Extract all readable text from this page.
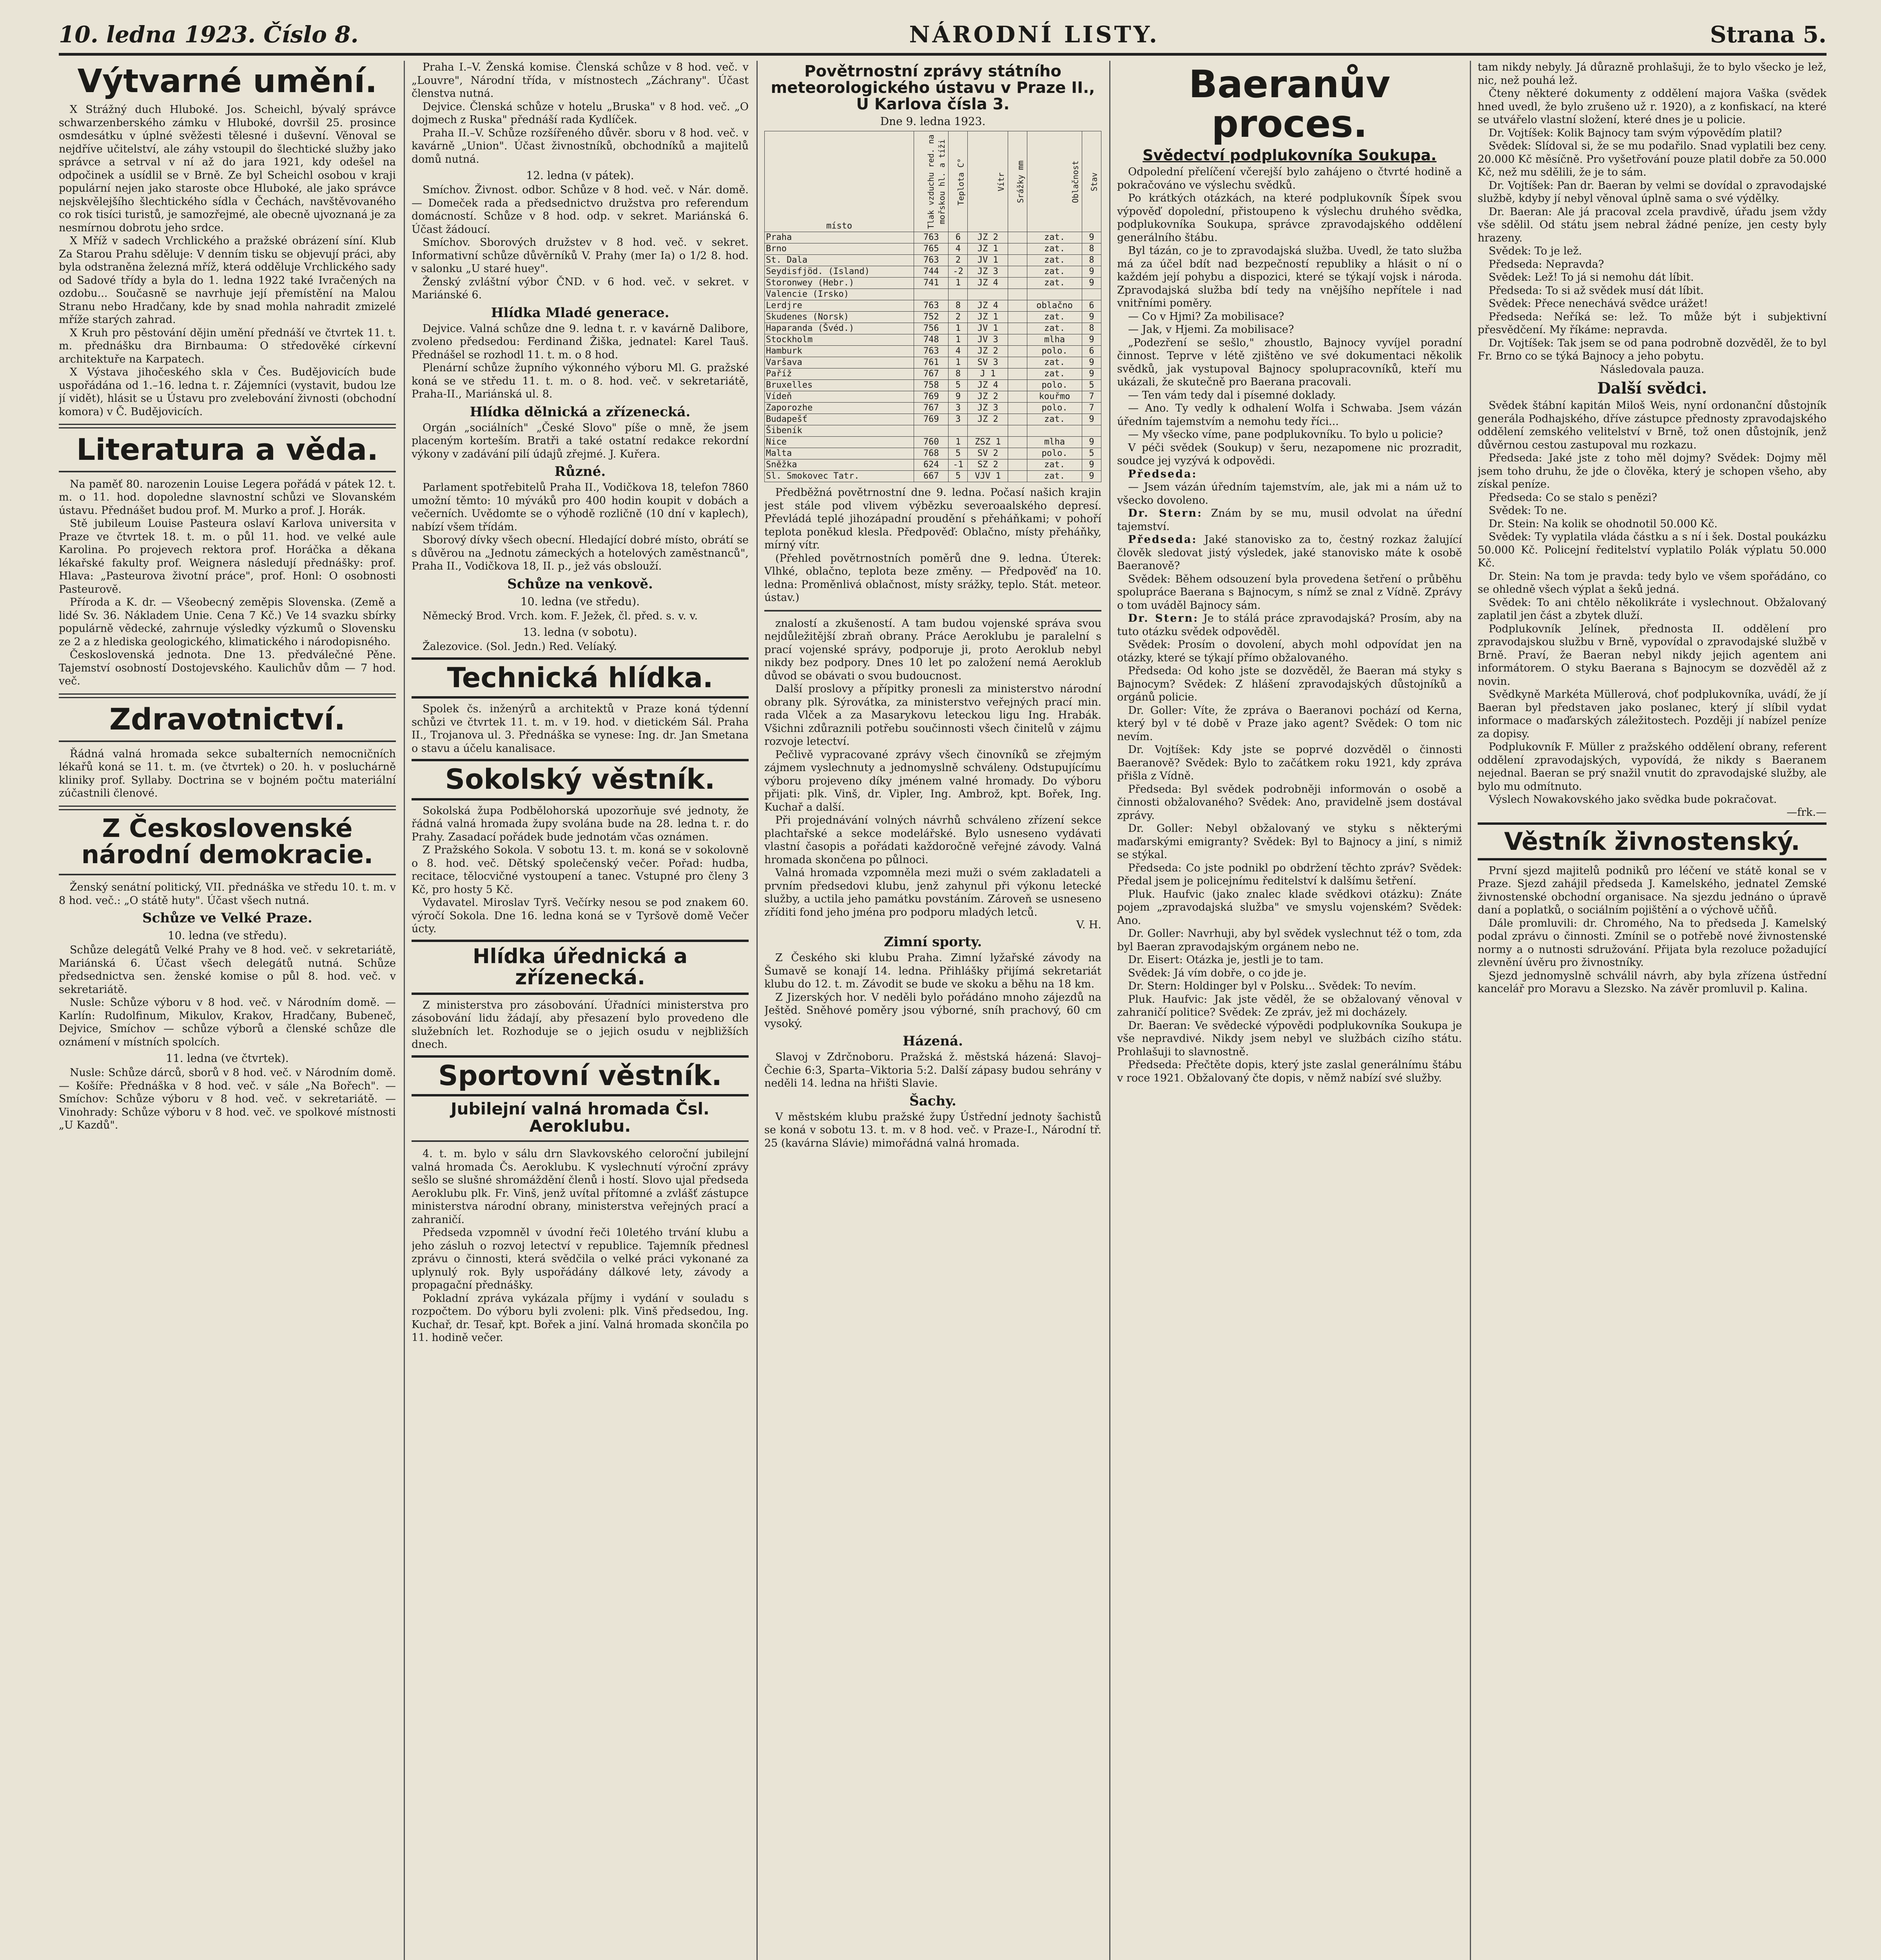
10. ledna 1923. Číslo 8.	NÁRODNÍ LISTY.	Strana 5.
Výtvarné umění.

X Strážný duch Hluboké. Jos. Scheichl, bývalý správce schwarzenberského zámku v Hluboké, dovršil 25. prosince osmdesátku v úplné svěžesti tělesné i duševní. Věnoval se nejdříve učitelství, ale záhy vstoupil do šlechtické služby jako správce a setrval v ní až do jara 1921, kdy odešel na odpočinek a usídlil se v Brně. Ze byl Scheichl osobou v kraji populární nejen jako staroste obce Hluboké, ale jako správce nejskvělejšího šlechtického sídla v Čechách, navštěvovaného co rok tisíci turistů, je samozřejmé, ale obecně ujvoznaná je za nesmírnou dobrotu jeho srdce.

X Mříž v sadech Vrchlického a pražské obrázení síní. Klub Za Starou Prahu sděluje: V denním tisku se objevují práci, aby byla odstraněna železná mříž, která odděluje Vrchlického sady od Sadové třídy a byla do 1. ledna 1922 také Ivračených na ozdobu... Současně se navrhuje její přemístění na Malou Stranu nebo Hradčany, kde by snad mohla nahradit zmizelé mříže starých zahrad.

X Kruh pro pěstování dějin umění přednáší ve čtvrtek 11. t. m. přednášku dra Birnbauma: O středověké církevní architektuře na Karpatech.

X Výstava jihočeského skla v Čes. Budějovicích bude uspořádána od 1.–16. ledna t. r. Zájemníci (vystavit, budou lze jí vidět), hlásit se u Ústavu pro zvelebování živnosti (obchodní komora) v Č. Budějovicích.

Literatura a věda.

Na paměť 80. narozenin Louise Legera pořádá v pátek 12. t. m. o 11. hod. dopoledne slavnostní schůzi ve Slovanském ústavu. Přednášet budou prof. M. Murko a prof. J. Horák.

Stě jubileum Louise Pasteura oslaví Karlova universita v Praze ve čtvrtek 18. t. m. o půl 11. hod. ve velké aule Karolina. Po projevech rektora prof. Horáčka a děkana lékařské fakulty prof. Weignera následují přednášky: prof. Hlava: „Pasteurova životní práce", prof. Honl: O osobnosti Pasteurově.

Příroda a K. dr. — Všeobecný zeměpis Slovenska. (Země a lidé Sv. 36. Nákladem Unie. Cena 7 Kč.) Ve 14 svazku sbírky populárně vědecké, zahrnuje výsledky výzkumů o Slovensku ze 2 a z hlediska geologického, klimatického i národopisného.

Československá jednota. Dne 13. předválečné Pěne. Tajemství osobností Dostojevského. Kaulichův dům — 7 hod. več.

Zdravotnictví.

Řádná valná hromada sekce subalterních nemocničních lékařů koná se 11. t. m. (ve čtvrtek) o 20. h. v posluchárně kliniky prof. Syllaby. Doctrina se v bojném počtu materiální zúčastnili členové.

Z Československé národní demokracie.

Ženský senátní politický, VII. přednáška ve středu 10. t. m. v 8 hod. več.: „O státě huty". Účast všech nutná.

Schůze ve Velké Praze.
10. ledna (ve středu).

Schůze delegátů Velké Prahy ve 8 hod. več. v sekretariátě, Mariánská 6. Účast všech delegátů nutná. Schůze předsednictva sen. ženské komise o půl 8. hod. več. v sekretariátě.

Nusle: Schůze výboru v 8 hod. več. v Národním domě. — Karlín: Rudolfinum, Mikulov, Krakov, Hradčany, Bubeneč, Dejvice, Smíchov — schůze výborů a členské schůze dle oznámení v místních spolcích.

11. ledna (ve čtvrtek).

Nusle: Schůze dárců, sborů v 8 hod. več. v Národním domě. — Košíře: Přednáška v 8 hod. več. v sále „Na Bořech". — Smíchov: Schůze výboru v 8 hod. več. v sekretariátě. — Vinohrady: Schůze výboru v 8 hod. več. ve spolkové místnosti „U Kazdů".

Praha I.–V. Ženská komise. Členská schůze v 8 hod. več. v „Louvre", Národní třída, v místnostech „Záchrany". Účast členstva nutná.

Dejvice. Členská schůze v hotelu „Bruska" v 8 hod. več. „O dojmech z Ruska" přednáší rada Kydlíček.

Praha II.–V. Schůze rozšířeného důvěr. sboru v 8 hod. več. v kavárně „Union". Účast živnostníků, obchodníků a majitelů domů nutná.

12. ledna (v pátek).

Smíchov. Živnost. odbor. Schůze v 8 hod. več. v Nár. domě. — Domeček rada a předsednictvo družstva pro referendum domácností. Schůze v 8 hod. odp. v sekret. Mariánská 6. Účast žádoucí.

Smíchov. Sborových družstev v 8 hod. več. v sekret. Informativní schůze důvěrníků V. Prahy (mer Ia) o 1/2 8. hod. v salonku „U staré huey".

Ženský zvláštní výbor ČND. v 6 hod. več. v sekret. v Mariánské 6.

Hlídka Mladé generace.

Dejvice. Valná schůze dne 9. ledna t. r. v kavárně Dalibore, zvoleno předsedou: Ferdinand Žiška, jednatel: Karel Tauš. Přednášel se rozhodl 11. t. m. o 8 hod.

Plenární schůze župního výkonného výboru Ml. G. pražské koná se ve středu 11. t. m. o 8. hod. več. v sekretariátě, Praha-II., Mariánská ul. 8.

Hlídka dělnická a zřízenecká.

Orgán „sociálních" „České Slovo" píše o mně, že jsem placeným korteším. Bratři a také ostatní redakce rekordní výkony v zadávání pilí údajů zřejmé. J. Kuřera.

Různé.

Parlament spotřebitelů Praha II., Vodičkova 18, telefon 7860 umožní těmto: 10 mýváků pro 400 hodin koupit v dobách a večerních. Uvědomte se o výhodě rozličně (10 dní v kaplech), nabízí všem třídám.

Sborový dívky všech obecní. Hledající dobré místo, obrátí se s důvěrou na „Jednotu zámeckých a hotelových zaměstnanců", Praha II., Vodičkova 18, II. p., jež vás obslouží.

Schůze na venkově.
10. ledna (ve středu).

Německý Brod. Vrch. kom. F. Ježek, čl. před. s. v. v.

13. ledna (v sobotu).

Žalezovice. (Sol. Jedn.) Red. Velíaký.

Technická hlídka.

Spolek čs. inženýrů a architektů v Praze koná týdenní schůzi ve čtvrtek 11. t. m. v 19. hod. v dietickém Sál. Praha II., Trojanova ul. 3. Přednáška se vynese: Ing. dr. Jan Smetana o stavu a účelu kanalisace.

Sokolský věstník.

Sokolská župa Podbělohorská upozorňuje své jednoty, že řádná valná hromada župy svolána bude na 28. ledna t. r. do Prahy. Zasadací pořádek bude jednotám včas oznámen.

Z Pražského Sokola. V sobotu 13. t. m. koná se v sokolovně o 8. hod. več. Dětský společenský večer. Pořad: hudba, recitace, tělocvičné vystoupení a tanec. Vstupné pro členy 3 Kč, pro hosty 5 Kč.

Vydavatel. Miroslav Tyrš. Večírky nesou se pod znakem 60. výročí Sokola. Dne 16. ledna koná se v Tyršově domě Večer úcty.

Hlídka úřednická a zřízenecká.

Z ministerstva pro zásobování. Úřadníci ministerstva pro zásobování lidu žádají, aby přesazení bylo provedeno dle služebních let. Rozhoduje se o jejich osudu v nejbližších dnech.

Sportovní věstník.
Jubilejní valná hromada Čsl. Aeroklubu.

4. t. m. bylo v sálu drn Slavkovského celoroční jubilejní valná hromada Čs. Aeroklubu. K vyslechnutí výroční zprávy sešlo se slušné shromáždění členů i hostí. Slovo ujal předseda Aeroklubu plk. Fr. Vinš, jenž uvítal přítomné a zvlášť zástupce ministerstva národní obrany, ministerstva veřejných prací a zahraničí.

Předseda vzpomněl v úvodní řeči 10letého trvání klubu a jeho zásluh o rozvoj letectví v republice. Tajemník přednesl zprávu o činnosti, která svědčila o velké práci vykonané za uplynulý rok. Byly uspořádány dálkové lety, závody a propagační přednášky.

Pokladní zpráva vykázala příjmy i vydání v souladu s rozpočtem. Do výboru byli zvoleni: plk. Vinš předsedou, Ing. Kuchař, dr. Tesař, kpt. Bořek a jiní. Valná hromada skončila po 11. hodině večer.

Povětrnostní zprávy státního meteorologického ústavu v Praze II., U Karlova čísla 3.
Dne 9. ledna 1923.
místo	Tlak vzduchu red. na mořskou hl. a tíži	Teplota C°	Vítr	Srážky mm	Oblačnost	Stav
Praha	763	6	JZ 2		zat.	9
Brno	765	4	JZ 1		zat.	8
St. Dala	763	2	JV 1		zat.	8
Seydisfjöd. (Island)	744	-2	JZ 3		zat.	9
Storonwey (Hebr.)	741	1	JZ 4		zat.	9
Valencie (Irsko)						
Lerdjre	763	8	JZ 4		oblačno	6
Skudenes (Norsk)	752	2	JZ 1		zat.	9
Haparanda (Švéd.)	756	1	JV 1		zat.	8
Stockholm	748	1	JV 3		mlha	9
Hamburk	763	4	JZ 2		polo.	6
Varšava	761	1	SV 3		zat.	9
Paříž	767	8	J 1		zat.	9
Bruxelles	758	5	JZ 4		polo.	5
Vídeň	769	9	JZ 2		kouřmo	7
Zaporozhe	767	3	JZ 3		polo.	7
Budapešť	769	3	JZ 2		zat.	9
Šibeník						
Nice	760	1	ZSZ 1		mlha	9
Malta	768	5	SV 2		polo.	5
Sněžka	624	-1	SZ 2		zat.	9
Sl. Smokovec Tatr.	667	5	VJV 1		zat.	9

Předběžná povětrnostní dne 9. ledna. Počasí našich krajin jest stále pod vlivem výbězku severoaalského depresí. Převládá teplé jihozápadní proudění s přeháňkami; v pohoří teplota poněkud klesla. Předpověď: Oblačno, místy přeháňky, mírný vítr.

(Přehled povětrnostních poměrů dne 9. ledna. Úterek: Vlhké, oblačno, teplota beze změny. — Předpověď na 10. ledna: Proměnlivá oblačnost, místy srážky, teplo. Stát. meteor. ústav.)

znalostí a zkušeností. A tam budou vojenské správa svou nejdůležitější zbraň obrany. Práce Aeroklubu je paralelní s prací vojenské správy, podporuje ji, proto Aeroklub nebyl nikdy bez podpory. Dnes 10 let po založení nemá Aeroklub důvod se obávati o svou budoucnost.

Další proslovy a přípitky pronesli za ministerstvo národní obrany plk. Sýrovátka, za ministerstvo veřejných prací min. rada Vlček a za Masarykovu leteckou ligu Ing. Hrabák. Všichni zdůraznili potřebu součinnosti všech činitelů v zájmu rozvoje letectví.

Pečlivě vypracované zprávy všech činovníků se zřejmým zájmem vyslechnuty a jednomyslně schváleny. Odstupujícímu výboru projeveno díky jménem valné hromady. Do výboru přijati: plk. Vinš, dr. Vipler, Ing. Ambrož, kpt. Bořek, Ing. Kuchař a další.

Při projednávání volných návrhů schváleno zřízení sekce plachtařské a sekce modelářské. Bylo usneseno vydávati vlastní časopis a pořádati každoročně veřejné závody. Valná hromada skončena po půlnoci.

Valná hromada vzpomněla mezi muži o svém zakladateli a prvním předsedovi klubu, jenž zahynul při výkonu letecké služby, a uctila jeho památku povstáním. Zároveň se usneseno zříditi fond jeho jména pro podporu mladých letců.

V. H.
Zimní sporty.

Z Českého ski klubu Praha. Zimní lyžařské závody na Šumavě se konají 14. ledna. Přihlášky přijímá sekretariát klubu do 12. t. m. Závodit se bude ve skoku a běhu na 18 km.

Z Jizerských hor. V neděli bylo pořádáno mnoho zájezdů na Ještěd. Sněhové poměry jsou výborné, sníh prachový, 60 cm vysoký.

Házená.

Slavoj v Zdrčnoboru. Pražská ž. městská házená: Slavoj–Čechie 6:3, Sparta–Viktoria 5:2. Další zápasy budou sehrány v neděli 14. ledna na hřišti Slavie.

Šachy.

V městském klubu pražské župy Ústřední jednoty šachistů se koná v sobotu 13. t. m. v 8 hod. več. v Praze-I., Národní tř. 25 (kavárna Slávie) mimořádná valná hromada.

Baeranův proces.
Svědectví podplukovníka Soukupa.

Odpolední přelíčení včerejší bylo zahájeno o čtvrté hodině a pokračováno ve výslechu svědků.

Po krátkých otázkách, na které podplukovník Šípek svou výpověď dopolední, přistoupeno k výslechu druhého svědka, podplukovníka Soukupa, správce zpravodajského oddělení generálního štábu.

Byl tázán, co je to zpravodajská služba. Uvedl, že tato služba má za účel bdít nad bezpečností republiky a hlásit o ní o každém její pohybu a dispozici, které se týkají vojsk i národa. Zpravodajská služba bdí tedy na vnějšího nepřítele i nad vnitřními poměry.

— Co v Hjmi? Za mobilisace?

— Jak, v Hjemi. Za mobilisace?

„Podezření se sešlo," zhoustlo, Bajnocy vyvíjel poradní činnost. Teprve v létě zjištěno ve své dokumentaci několik svědků, jak vystupoval Bajnocy spolupracovníků, kteří mu ukázali, že skutečně pro Baerana pracovali.

— Ten vám tedy dal i písemné doklady.

— Ano. Ty vedly k odhalení Wolfa i Schwaba. Jsem vázán úředním tajemstvím a nemohu tedy říci...

— My všecko víme, pane podplukovníku. To bylo u policie?

V péči svědek (Soukup) v šeru, nezapomene nic prozradit, soudce jej vyzývá k odpovědi.

Předseda:

— Jsem vázán úředním tajemstvím, ale, jak mi a nám už to všecko dovoleno.

Dr. Stern: Znám by se mu, musil odvolat na úřední tajemství.

Předseda: Jaké stanovisko za to, čestný rozkaz žalující člověk sledovat jistý výsledek, jaké stanovisko máte k osobě Baeranově?

Svědek: Během odsouzení byla provedena šetření o průběhu spolupráce Baerana s Bajnocym, s nímž se znal z Vídně. Zprávy o tom uváděl Bajnocy sám.

Dr. Stern: Je to stálá práce zpravodajská? Prosím, aby na tuto otázku svědek odpověděl.

Svědek: Prosím o dovolení, abych mohl odpovídat jen na otázky, které se týkají přímo obžalovaného.

Předseda: Od koho jste se dozvěděl, že Baeran má styky s Bajnocym? Svědek: Z hlášení zpravodajských důstojníků a orgánů policie.

Dr. Goller: Víte, že zpráva o Baeranovi pochází od Kerna, který byl v té době v Praze jako agent? Svědek: O tom nic nevím.

Dr. Vojtíšek: Kdy jste se poprvé dozvěděl o činnosti Baeranově? Svědek: Bylo to začátkem roku 1921, kdy zpráva přišla z Vídně.

Předseda: Byl svědek podrobněji informován o osobě a činnosti obžalovaného? Svědek: Ano, pravidelně jsem dostával zprávy.

Dr. Goller: Nebyl obžalovaný ve styku s některými maďarskými emigranty? Svědek: Byl to Bajnocy a jiní, s nimiž se stýkal.

Předseda: Co jste podnikl po obdržení těchto zpráv? Svědek: Předal jsem je policejnímu ředitelství k dalšímu šetření.

Pluk. Haufvic (jako znalec klade svědkovi otázku): Znáte pojem „zpravodajská služba" ve smyslu vojenském? Svědek: Ano.

Dr. Goller: Navrhuji, aby byl svědek vyslechnut též o tom, zda byl Baeran zpravodajským orgánem nebo ne.

Dr. Eisert: Otázka je, jestli je to tam.

Svědek: Já vím dobře, o co jde je.

Dr. Stern: Holdinger byl v Polsku... Svědek: To nevím.

Pluk. Haufvic: Jak jste věděl, že se obžalovaný věnoval v zahraničí politice? Svědek: Ze zpráv, jež mi docházely.

Dr. Baeran: Ve svědecké výpovědi podplukovníka Soukupa je vše nepravdivé. Nikdy jsem nebyl ve službách cizího státu. Prohlašuji to slavnostně.

Předseda: Přečtěte dopis, který jste zaslal generálnímu štábu v roce 1921. Obžalovaný čte dopis, v němž nabízí své služby.

tam nikdy nebyly. Já důrazně prohlašuji, že to bylo všecko je lež, nic, než pouhá lež.

Čteny některé dokumenty z oddělení majora Vaška (svědek hned uvedl, že bylo zrušeno už r. 1920), a z konfiskací, na které se utvářelo vlastní složení, které dnes je u policie.

Dr. Vojtíšek: Kolik Bajnocy tam svým výpovědím platil?

Svědek: Slídoval si, že se mu podařilo. Snad vyplatili bez ceny. 20.000 Kč měsíčně. Pro vyšetřování pouze platil dobře za 50.000 Kč, než mu sdělili, že je to sám.

Dr. Vojtíšek: Pan dr. Baeran by velmi se dovídal o zpravodajské službě, kdyby jí nebyl věnoval úplně sama o své výdělky.

Dr. Baeran: Ale já pracoval zcela pravdivě, úřadu jsem vždy vše sdělil. Od státu jsem nebral žádné peníze, jen cesty byly hrazeny.

Svědek: To je lež.

Předseda: Nepravda?

Svědek: Lež! To já si nemohu dát líbit.

Předseda: To si až svědek musí dát líbit.

Svědek: Přece nenechává svědce urážet!

Předseda: Neříká se: lež. To může být i subjektivní přesvědčení. My říkáme: nepravda.

Dr. Vojtíšek: Tak jsem se od pana podrobně dozvěděl, že to byl Fr. Brno co se týká Bajnocy a jeho pobytu.

Následovala pauza.

Další svědci.

Svědek štábní kapitán Miloš Weis, nyní ordonanční důstojník generála Podhajského, dříve zástupce přednosty zpravodajského oddělení zemského velitelství v Brně, tož onen důstojník, jenž důvěrnou cestou zastupoval mu rozkazu.

Předseda: Jaké jste z toho měl dojmy? Svědek: Dojmy měl jsem toho druhu, že jde o člověka, který je schopen všeho, aby získal peníze.

Předseda: Co se stalo s penězi?

Svědek: To ne.

Dr. Stein: Na kolik se ohodnotil 50.000 Kč.

Svědek: Ty vyplatila vláda částku a s ní i šek. Dostal poukázku 50.000 Kč. Policejní ředitelství vyplatilo Polák výplatu 50.000 Kč.

Dr. Stein: Na tom je pravda: tedy bylo ve všem spořádáno, co se ohledně všech výplat a šeků jedná.

Svědek: To ani chtělo několikráte i vyslechnout. Obžalovaný zaplatil jen část a zbytek dluží.

Podplukovník Jelínek, přednosta II. oddělení pro zpravodajskou službu v Brně, vypovídal o zpravodajské službě v Brně. Praví, že Baeran nebyl nikdy jejich agentem ani informátorem. O styku Baerana s Bajnocym se dozvěděl až z novin.

Svědkyně Markéta Müllerová, choť podplukovníka, uvádí, že jí Baeran byl představen jako poslanec, který jí slíbil vydat informace o maďarských záležitostech. Později jí nabízel peníze za dopisy.

Podplukovník F. Müller z pražského oddělení obrany, referent oddělení zpravodajských, vypovídá, že nikdy s Baeranem nejednal. Baeran se prý snažil vnutit do zpravodajské služby, ale bylo mu odmítnuto.

Výslech Nowakovského jako svědka bude pokračovat.

—frk.—
Věstník živnostenský.

První sjezd majitelů podniků pro léčení ve státě konal se v Praze. Sjezd zahájil předseda J. Kamelského, jednatel Zemské živnostenské obchodní organisace. Na sjezdu jednáno o úpravě daní a poplatků, o sociálním pojištění a o výchově učňů.

Dále promluvili: dr. Chromého, Na to předseda J. Kamelský podal zprávu o činnosti. Zmínil se o potřebě nové živnostenské normy a o nutnosti sdružování. Přijata byla rezoluce požadující zlevnění úvěru pro živnostníky.

Sjezd jednomyslně schválil návrh, aby byla zřízena ústřední kancelář pro Moravu a Slezsko. Na závěr promluvil p. Kalina.
